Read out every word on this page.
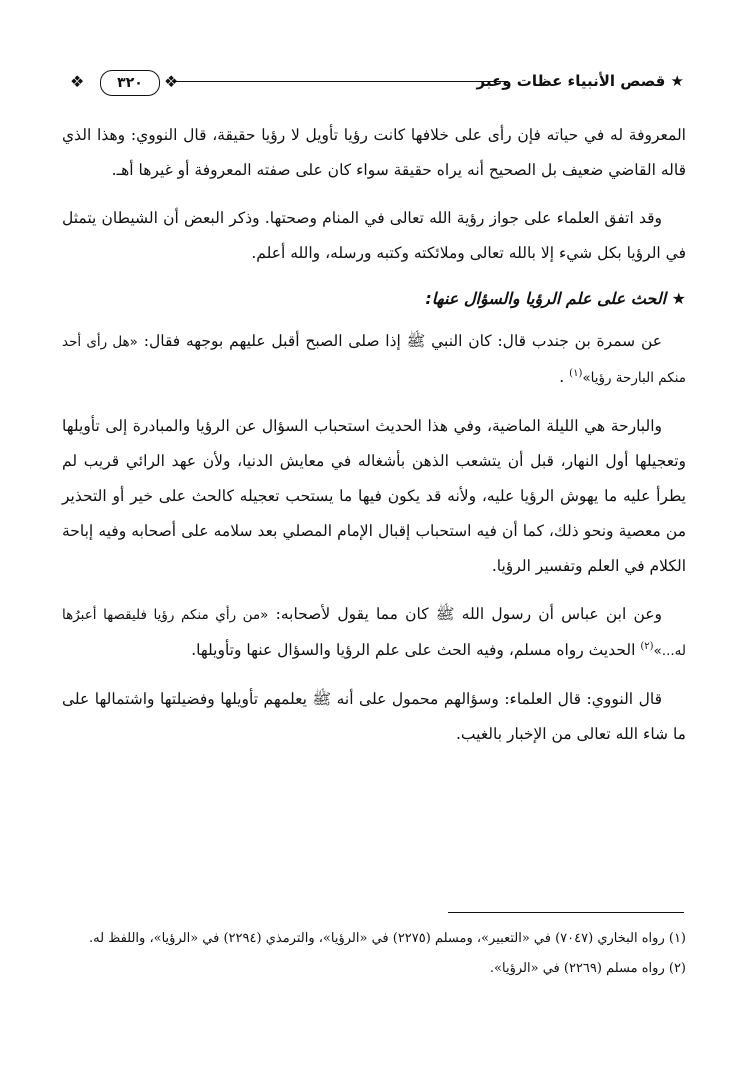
★ قصص الأنبياء عظات وعبر
❖
٣٢٠
❖

المعروفة له في حياته فإن رأى على خلافها كانت رؤيا تأويل لا رؤيا حقيقة، قال النووي: وهذا الذي قاله القاضي ضعيف بل الصحيح أنه يراه حقيقة سواء كان على صفته المعروفة أو غيرها أهـ.

وقد اتفق العلماء على جواز رؤية الله تعالى في المنام وصحتها. وذكر البعض أن الشيطان يتمثل في الرؤيا بكل شيء إلا بالله تعالى وملائكته وكتبه ورسله، والله أعلم.

★ الحث على علم الرؤيا والسؤال عنها:

عن سمرة بن جندب قال: كان النبي ﷺ إذا صلى الصبح أقبل عليهم بوجهه فقال: «هل رأى أحد منكم البارحة رؤيا»$^{(١)}$ .

والبارحة هي الليلة الماضية، وفي هذا الحديث استحباب السؤال عن الرؤيا والمبادرة إلى تأويلها وتعجيلها أول النهار، قبل أن يتشعب الذهن بأشغاله في معايش الدنيا، ولأن عهد الرائي قريب لم يطرأ عليه ما يهوش الرؤيا عليه، ولأنه قد يكون فيها ما يستحب تعجيله كالحث على خير أو التحذير من معصية ونحو ذلك، كما أن فيه استحباب إقبال الإمام المصلي بعد سلامه على أصحابه وفيه إباحة الكلام في العلم وتفسير الرؤيا.

وعن ابن عباس أن رسول الله ﷺ كان مما يقول لأصحابه: «من رأي منكم رؤيا فليقصها أعبرُها له...»$^{(٢)}$ الحديث رواه مسلم، وفيه الحث على علم الرؤيا والسؤال عنها وتأويلها.

قال النووي: قال العلماء: وسؤالهم محمول على أنه ﷺ يعلمهم تأويلها وفضيلتها واشتمالها على ما شاء الله تعالى من الإخبار بالغيب.

(١) رواه البخاري (٧٠٤٧) في «التعبير»، ومسلم (٢٢٧٥) في «الرؤيا»، والترمذي (٢٢٩٤) في «الرؤيا»، واللفظ له.

(٢) رواه مسلم (٢٢٦٩) في «الرؤيا».
